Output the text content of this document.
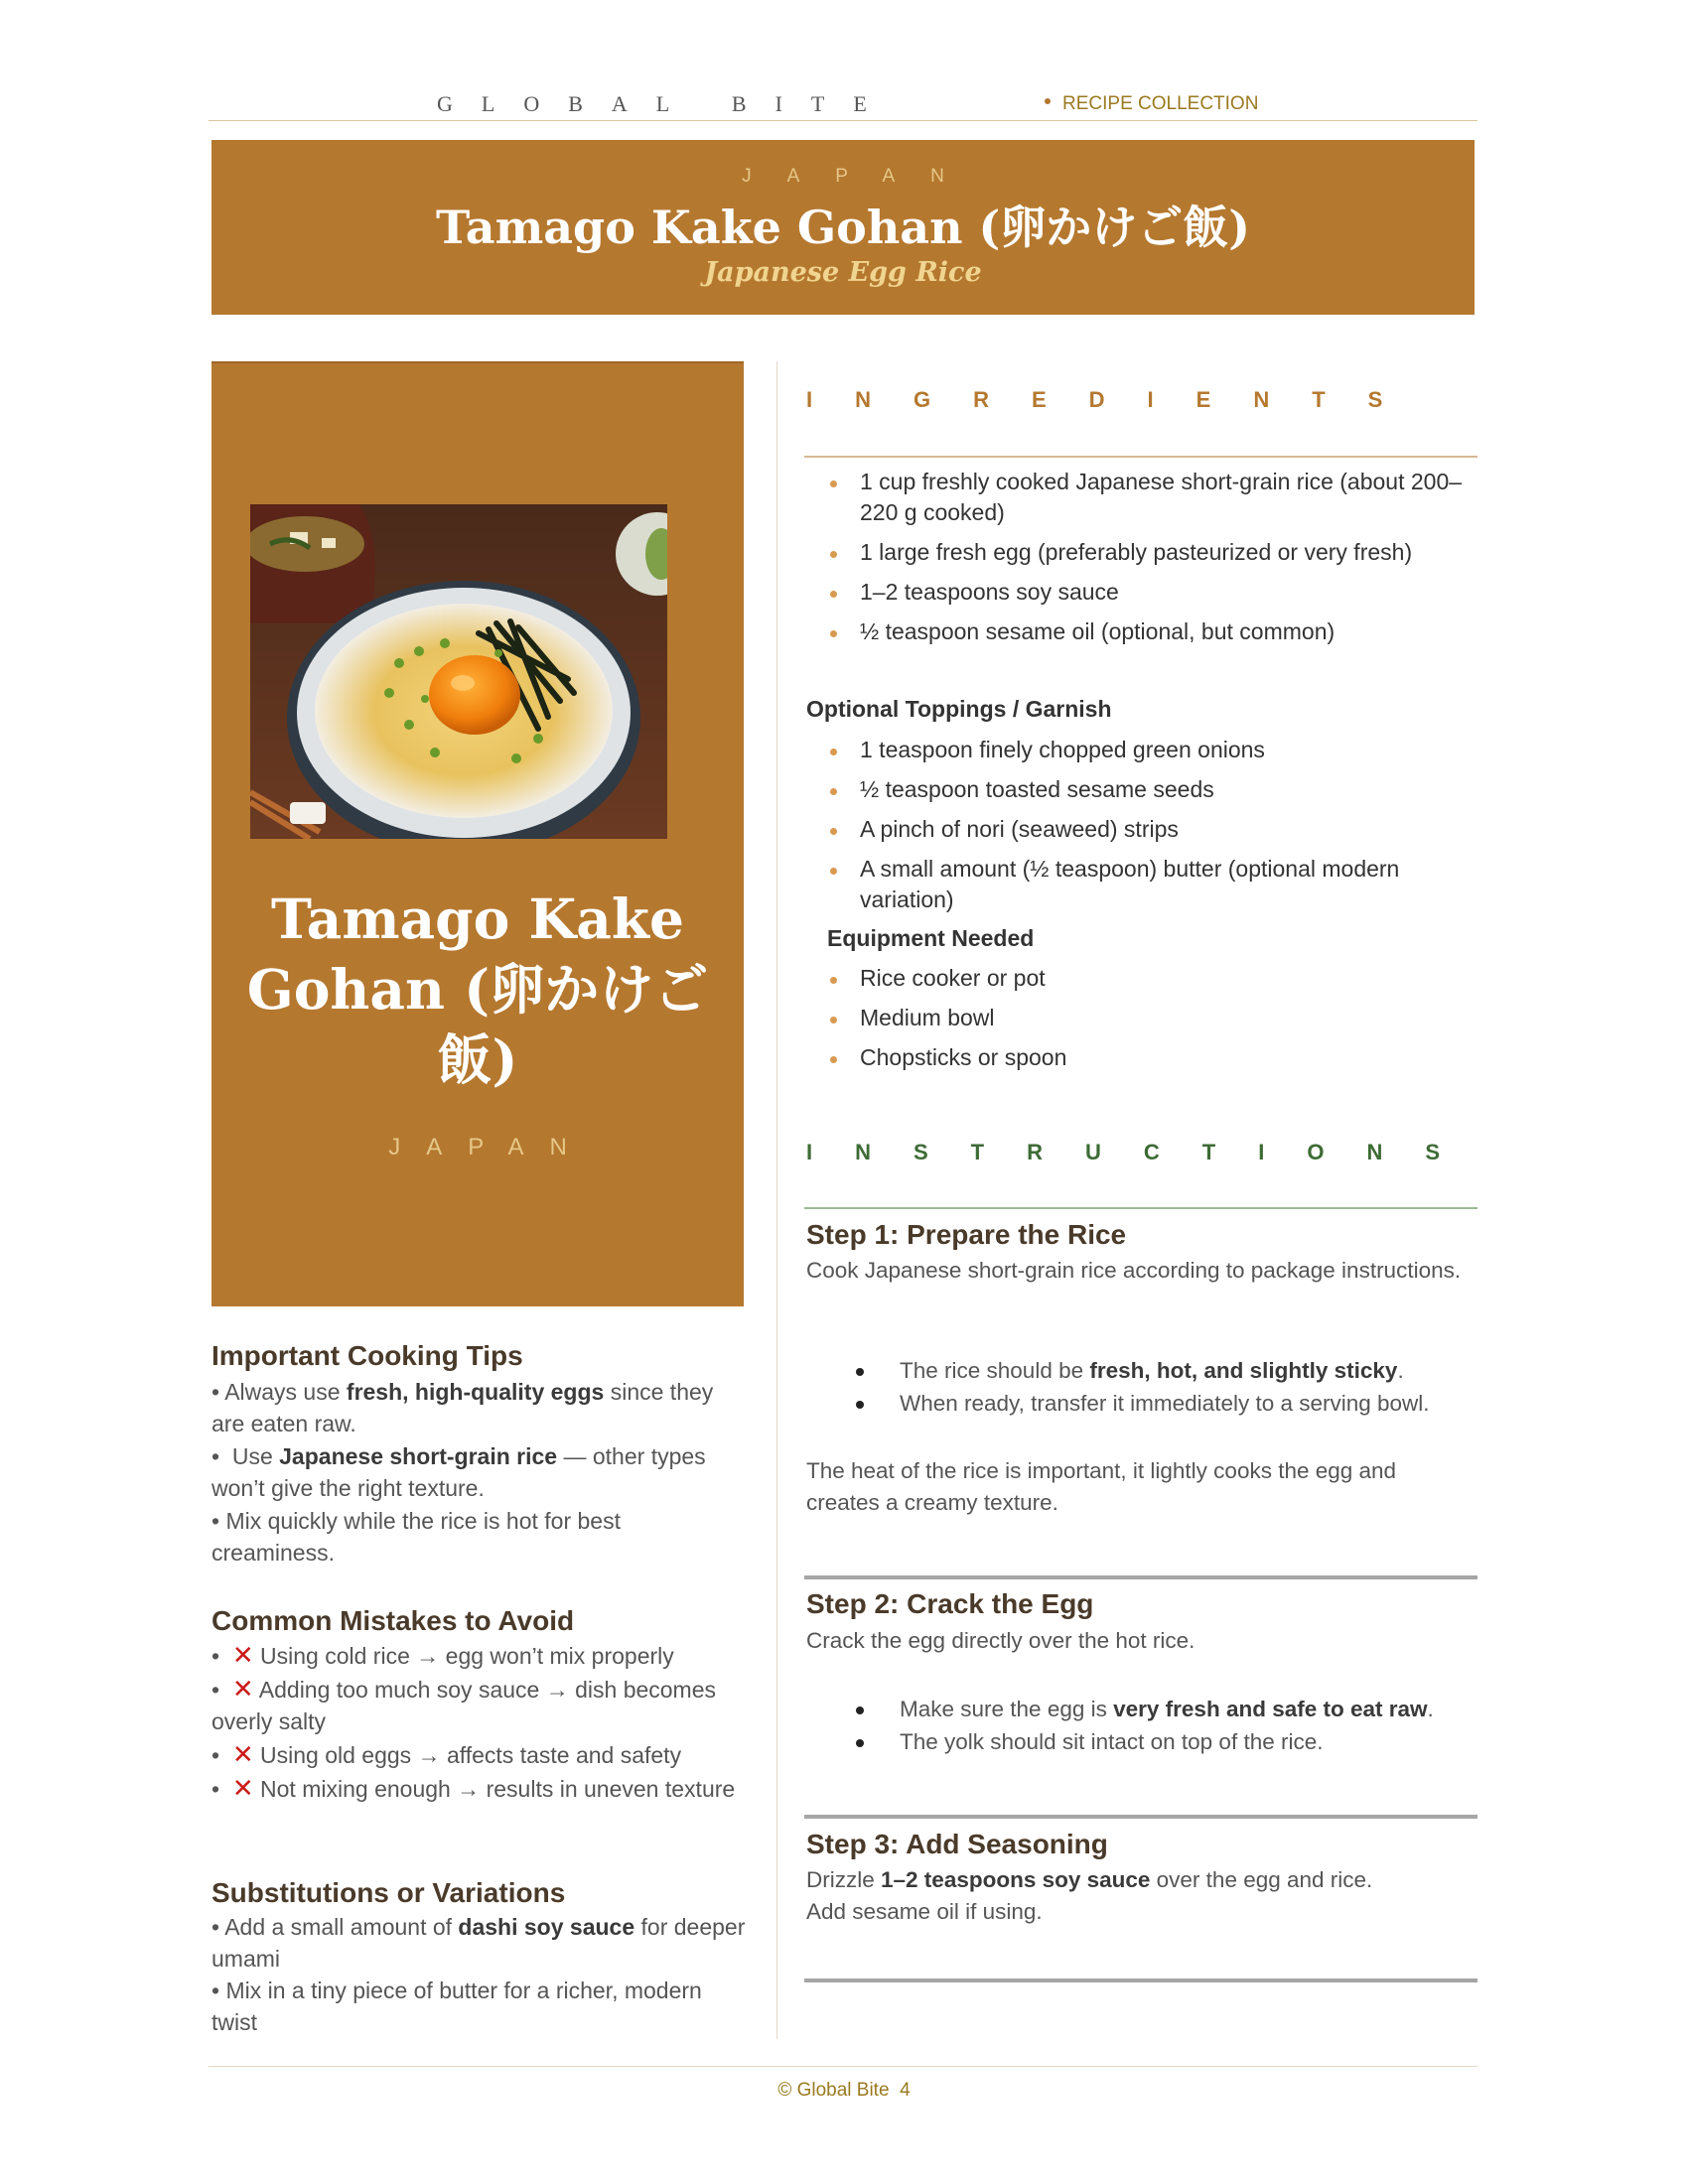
GLOBAL BITE	RECIPE COLLECTION
JAPAN
Tamago Kake Gohan (卵かけご飯)
Japanese Egg Rice
Tamago Kake Gohan (卵かけご飯)
JAPAN
INGREDIENTS
1 cup freshly cooked Japanese short-grain rice (about 200–220 g cooked)
1 large fresh egg (preferably pasteurized or very fresh)
1–2 teaspoons soy sauce
½ teaspoon sesame oil (optional, but common)
Optional Toppings / Garnish
1 teaspoon finely chopped green onions
½ teaspoon toasted sesame seeds
A pinch of nori (seaweed) strips
A small amount (½ teaspoon) butter (optional modern variation)
Equipment Needed
Rice cooker or pot
Medium bowl
Chopsticks or spoon
INSTRUCTIONS
Step 1: Prepare the Rice
Cook Japanese short-grain rice according to package instructions.
The rice should be fresh, hot, and slightly sticky.
When ready, transfer it immediately to a serving bowl.
The heat of the rice is important, it lightly cooks the egg and creates a creamy texture.
Step 2: Crack the Egg
Crack the egg directly over the hot rice.
Make sure the egg is very fresh and safe to eat raw.
The yolk should sit intact on top of the rice.
Step 3: Add Seasoning
Drizzle 1–2 teaspoons soy sauce over the egg and rice.
Add sesame oil if using.
Important Cooking Tips
• Always use fresh, high-quality eggs since they are eaten raw.
•  Use Japanese short-grain rice — other types won’t give the right texture.
• Mix quickly while the rice is hot for best creaminess.
Common Mistakes to Avoid
•  ✕ Using cold rice → egg won’t mix properly
•  ✕ Adding too much soy sauce → dish becomes overly salty
•  ✕ Using old eggs → affects taste and safety
•  ✕ Not mixing enough → results in uneven texture
Substitutions or Variations
• Add a small amount of dashi soy sauce for deeper umami
• Mix in a tiny piece of butter for a richer, modern twist
© Global Bite 4
